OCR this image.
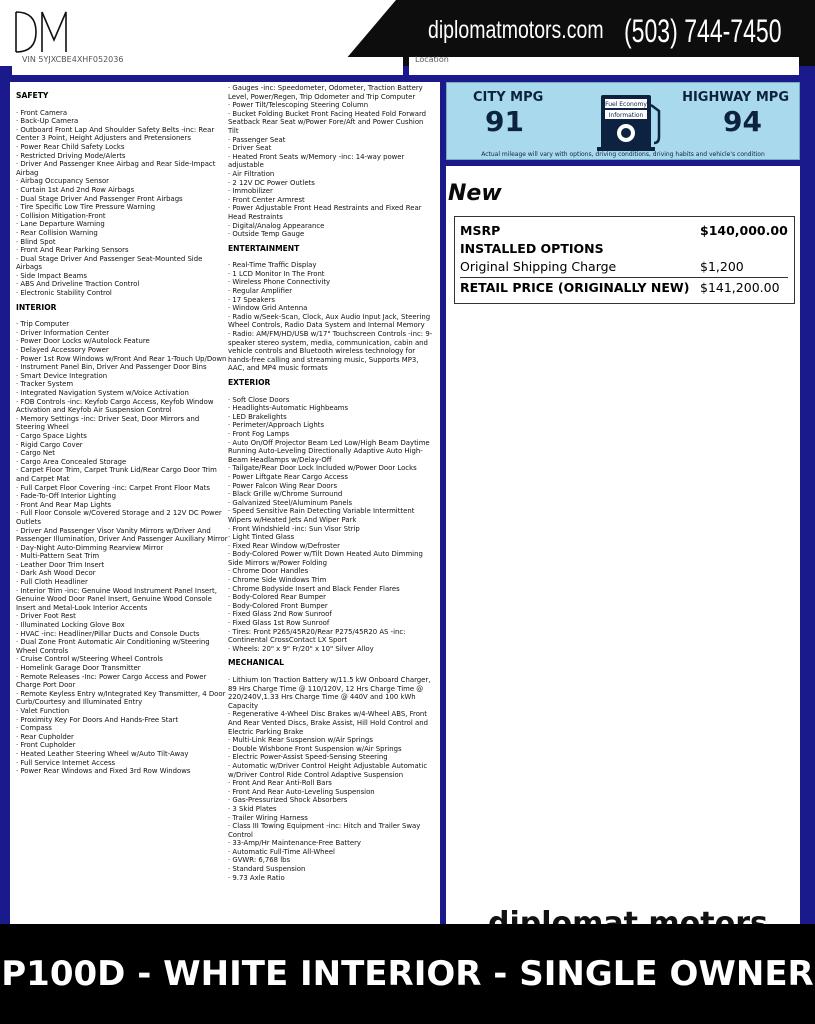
diplomatmotors.com (503) 744-7450
VIN 5YJXCBE4XHF052036	Location
SAFETY
· Front Camera
· Back-Up Camera
· Outboard Front Lap And Shoulder Safety Belts -inc: Rear Center 3 Point, Height Adjusters and Pretensioners
· Power Rear Child Safety Locks
· Restricted Driving Mode/Alerts
· Driver And Passenger Knee Airbag and Rear Side-Impact Airbag
· Airbag Occupancy Sensor
· Curtain 1st And 2nd Row Airbags
· Dual Stage Driver And Passenger Front Airbags
· Tire Specific Low Tire Pressure Warning
· Collision Mitigation-Front
· Lane Departure Warning
· Rear Collision Warning
· Blind Spot
· Front And Rear Parking Sensors
· Dual Stage Driver And Passenger Seat-Mounted Side Airbags
· Side Impact Beams
· ABS And Driveline Traction Control
· Electronic Stability Control
INTERIOR
· Trip Computer
· Driver Information Center
· Power Door Locks w/Autolock Feature
· Delayed Accessory Power
· Power 1st Row Windows w/Front And Rear 1-Touch Up/Down
· Instrument Panel Bin, Driver And Passenger Door Bins
· Smart Device Integration
· Tracker System
· Integrated Navigation System w/Voice Activation
· FOB Controls -inc: Keyfob Cargo Access, Keyfob Window Activation and Keyfob Air Suspension Control
· Memory Settings -inc: Driver Seat, Door Mirrors and Steering Wheel
· Cargo Space Lights
· Rigid Cargo Cover
· Cargo Net
· Cargo Area Concealed Storage
· Carpet Floor Trim, Carpet Trunk Lid/Rear Cargo Door Trim and Carpet Mat
· Full Carpet Floor Covering -inc: Carpet Front Floor Mats
· Fade-To-Off Interior Lighting
· Front And Rear Map Lights
· Full Floor Console w/Covered Storage and 2 12V DC Power Outlets
· Driver And Passenger Visor Vanity Mirrors w/Driver And Passenger Illumination, Driver And Passenger Auxiliary Mirror
· Day-Night Auto-Dimming Rearview Mirror
· Multi-Pattern Seat Trim
· Leather Door Trim Insert
· Dark Ash Wood Decor
· Full Cloth Headliner
· Interior Trim -inc: Genuine Wood Instrument Panel Insert, Genuine Wood Door Panel Insert, Genuine Wood Console Insert and Metal-Look Interior Accents
· Driver Foot Rest
· Illuminated Locking Glove Box
· HVAC -inc: Headliner/Pillar Ducts and Console Ducts
· Dual Zone Front Automatic Air Conditioning w/Steering Wheel Controls
· Cruise Control w/Steering Wheel Controls
· Homelink Garage Door Transmitter
· Remote Releases -Inc: Power Cargo Access and Power Charge Port Door
· Remote Keyless Entry w/Integrated Key Transmitter, 4 Door Curb/Courtesy and Illuminated Entry
· Valet Function
· Proximity Key For Doors And Hands-Free Start
· Compass
· Rear Cupholder
· Front Cupholder
· Heated Leather Steering Wheel w/Auto Tilt-Away
· Full Service Internet Access
· Power Rear Windows and Fixed 3rd Row Windows
· Gauges -inc: Speedometer, Odometer, Traction Battery Level, Power/Regen, Trip Odometer and Trip Computer
· Power Tilt/Telescoping Steering Column
· Bucket Folding Bucket Front Facing Heated Fold Forward Seatback Rear Seat w/Power Fore/Aft and Power Cushion Tilt
· Passenger Seat
· Driver Seat
· Heated Front Seats w/Memory -inc: 14-way power adjustable
· Air Filtration
· 2 12V DC Power Outlets
· Immobilizer
· Front Center Armrest
· Power Adjustable Front Head Restraints and Fixed Rear Head Restraints
· Digital/Analog Appearance
· Outside Temp Gauge
ENTERTAINMENT
· Real-Time Traffic Display
· 1 LCD Monitor In The Front
· Wireless Phone Connectivity
· Regular Amplifier
· 17 Speakers
· Window Grid Antenna
· Radio w/Seek-Scan, Clock, Aux Audio Input Jack, Steering Wheel Controls, Radio Data System and Internal Memory
· Radio: AM/FM/HD/USB w/17" Touchscreen Controls -inc: 9-speaker stereo system, media, communication, cabin and vehicle controls and Bluetooth wireless technology for hands-free calling and streaming music, Supports MP3, AAC, and MP4 music formats
EXTERIOR
· Soft Close Doors
· Headlights-Automatic Highbeams
· LED Brakelights
· Perimeter/Approach Lights
· Front Fog Lamps
· Auto On/Off Projector Beam Led Low/High Beam Daytime Running Auto-Leveling Directionally Adaptive Auto High-Beam Headlamps w/Delay-Off
· Tailgate/Rear Door Lock Included w/Power Door Locks
· Power Liftgate Rear Cargo Access
· Power Falcon Wing Rear Doors
· Black Grille w/Chrome Surround
· Galvanized Steel/Aluminum Panels
· Speed Sensitive Rain Detecting Variable Intermittent Wipers w/Heated Jets And Wiper Park
· Front Windshield -inc: Sun Visor Strip
· Light Tinted Glass
· Fixed Rear Window w/Defroster
· Body-Colored Power w/Tilt Down Heated Auto Dimming Side Mirrors w/Power Folding
· Chrome Door Handles
· Chrome Side Windows Trim
· Chrome Bodyside Insert and Black Fender Flares
· Body-Colored Rear Bumper
· Body-Colored Front Bumper
· Fixed Glass 2nd Row Sunroof
· Fixed Glass 1st Row Sunroof
· Tires: Front P265/45R20/Rear P275/45R20 AS -inc: Continental CrossContact LX Sport
· Wheels: 20" x 9" Fr/20" x 10" Silver Alloy
MECHANICAL
· Lithium Ion Traction Battery w/11.5 kW Onboard Charger, 89 Hrs Charge Time @ 110/120V, 12 Hrs Charge Time @ 220/240V,1.33 Hrs Charge Time @ 440V and 100 kWh Capacity
· Regenerative 4-Wheel Disc Brakes w/4-Wheel ABS, Front And Rear Vented Discs, Brake Assist, Hill Hold Control and Electric Parking Brake
· Multi-Link Rear Suspension w/Air Springs
· Double Wishbone Front Suspension w/Air Springs
· Electric Power-Assist Speed-Sensing Steering
· Automatic w/Driver Control Height Adjustable Automatic w/Driver Control Ride Control Adaptive Suspension
· Front And Rear Anti-Roll Bars
· Front And Rear Auto-Leveling Suspension
· Gas-Pressurized Shock Absorbers
· 3 Skid Plates
· Trailer Wiring Harness
· Class III Towing Equipment -inc: Hitch and Trailer Sway Control
· 33-Amp/Hr Maintenance-Free Battery
· Automatic Full-Time All-Wheel
· GVWR: 6,768 lbs
· Standard Suspension
· 9.73 Axle Ratio
CITY MPG
91
Fuel Economy
Information
HIGHWAY MPG
94
Actual mileage will vary with options, driving conditions, driving habits and vehicle's condition
New
MSRP	$140,000.00
INSTALLED OPTIONS
Original Shipping Charge	$1,200
RETAIL PRICE (ORIGINALLY NEW) $141,200.00
P100D - WHITE INTERIOR - SINGLE OWNER
